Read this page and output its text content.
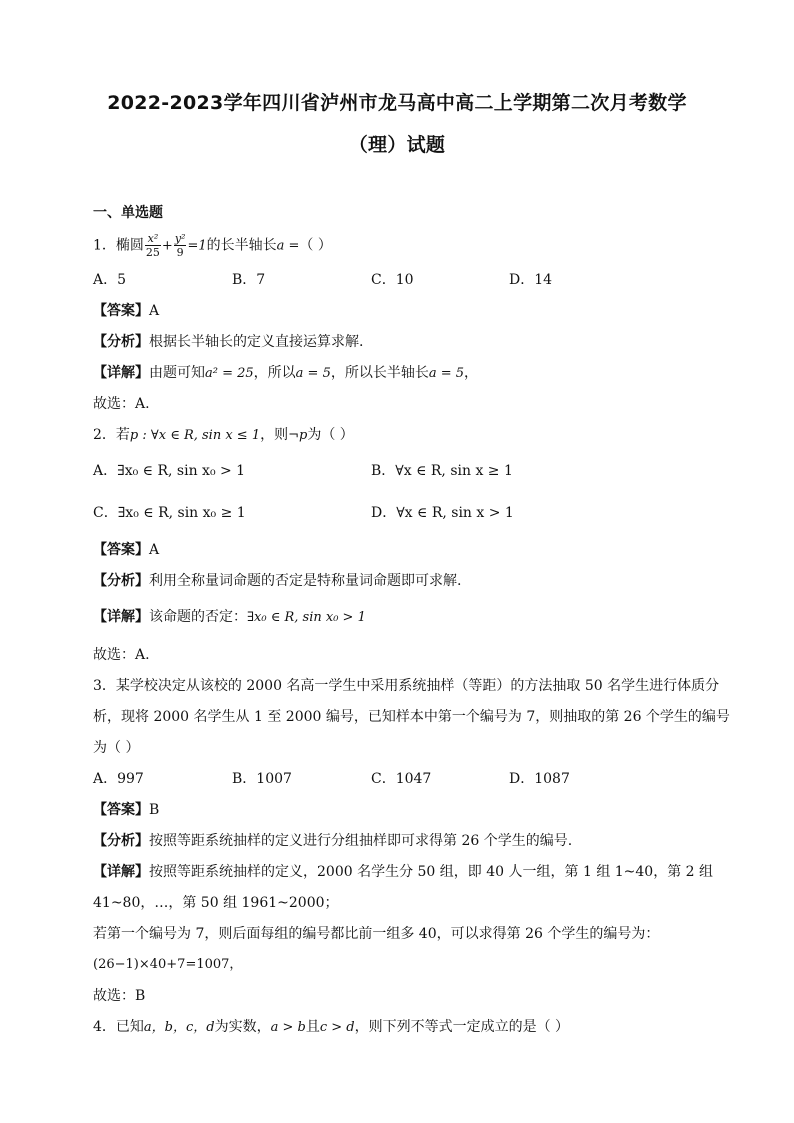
2022-2023学年四川省泸州市龙马高中高二上学期第二次月考数学
（理）试题
一、单选题
1．椭圆 $\frac{\text{x²}}{25} + \frac{\text{y²}}{9} =1$的长半轴长a =（ ）
A．5	B．7	C．10	D．14
【答案】A
【分析】根据长半轴长的定义直接运算求解.
【详解】由题可知a² = 25，所以a = 5，所以长半轴长a = 5，
故选：A.
2．若p : ∀x ∈ R, sin x ≤ 1，则¬p为（ ）
A．∃x₀ ∈ R, sin x₀ > 1	B．∀x ∈ R, sin x ≥ 1
C．∃x₀ ∈ R, sin x₀ ≥ 1	D．∀x ∈ R, sin x > 1
【答案】A
【分析】利用全称量词命题的否定是特称量词命题即可求解.
【详解】该命题的否定：∃x₀ ∈ R, sin x₀ > 1
故选：A.
3．某学校决定从该校的 2000 名高一学生中采用系统抽样（等距）的方法抽取 50 名学生进行体质分
析，现将 2000 名学生从 1 至 2000 编号，已知样本中第一个编号为 7，则抽取的第 26 个学生的编号
为（ ）
A．997	B．1007	C．1047	D．1087
【答案】B
【分析】按照等距系统抽样的定义进行分组抽样即可求得第 26 个学生的编号.
【详解】按照等距系统抽样的定义，2000 名学生分 50 组，即 40 人一组，第 1 组 1~40，第 2 组
41~80，…，第 50 组 1961~2000；
若第一个编号为 7，则后面每组的编号都比前一组多 40，可以求得第 26 个学生的编号为：
(26−1)×40+7=1007，
故选：B
4．已知a，b，c，d为实数，a > b且c > d，则下列不等式一定成立的是（ ）
